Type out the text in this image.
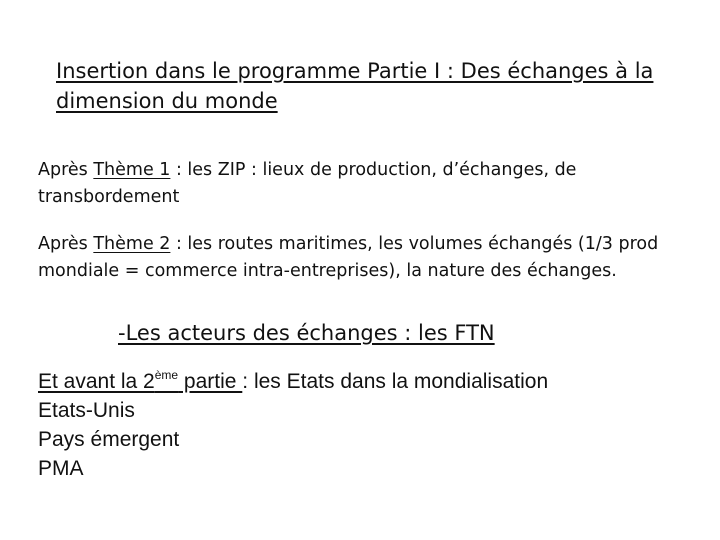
Insertion dans le programme Partie I : Des échanges à la dimension du monde

Après Thème 1 : les ZIP : lieux de production, d’échanges, de transbordement

Après Thème 2 : les routes maritimes, les volumes échangés (1/3 prod mondiale = commerce intra-entreprises), la nature des échanges.

-Les acteurs des échanges : les FTN

Et avant la 2ème partie : les Etats dans la mondialisation
Etats-Unis
Pays émergent
PMA
